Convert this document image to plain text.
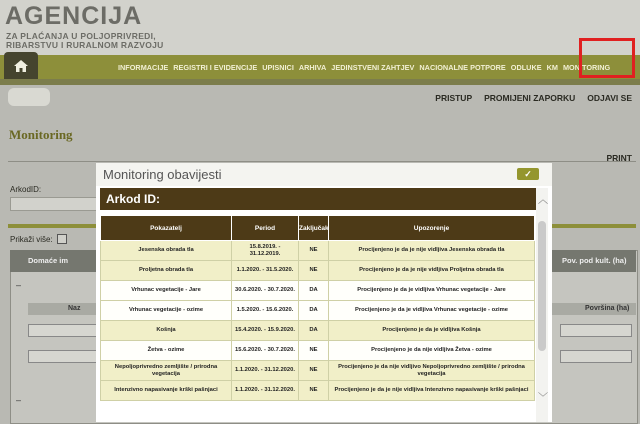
AGENCIJA
ZA PLAĆANJA U POLJOPRIVREDI,
RIBARSTVU I RURALNOM RAZVOJU
INFORMACIJE REGISTRI I EVIDENCIJE UPISNICI ARHIVA JEDINSTVENI ZAHTJEV NACIONALNE POTPORE ODLUKE KM MONITORING
PRISTUP PROMIJENI ZAPORKU ODJAVI SE
Monitoring
PRINT
ArkodID:
Prikaži više:
Domaće im	Pov. pod kult. (ha)
–
Naz	Površina (ha)
–
Monitoring obavijesti	✓
Arkod ID:	︿
﹀
Pokazatelj	Period	Zaključak	Upozorenje
Jesenska obrada tla	15.8.2019. - 31.12.2019.	NE	Procijenjeno je da je nije vidljiva Jesenska obrada tla
Proljetna obrada tla	1.1.2020. - 31.5.2020.	NE	Procijenjeno je da je nije vidljiva Proljetna obrada tla
Vrhunac vegetacije - Jare	30.6.2020. - 30.7.2020.	DA	Procijenjeno je da je vidljiva Vrhunac vegetacije - Jare
Vrhunac vegetacije - ozime	1.5.2020. - 15.6.2020.	DA	Procijenjeno je da je vidljiva Vrhunac vegetacije - ozime
Košnja	15.4.2020. - 15.9.2020.	DA	Procijenjeno je da je vidljiva Košnja
Žetva - ozime	15.6.2020. - 30.7.2020.	NE	Procijenjeno je da nije vidljiva Žetva - ozime
Nepoljoprivredno zemljište / prirodna vegetacija	1.1.2020. - 31.12.2020.	NE	Procijenjeno je da nije vidljivo Nepoljoprivredno zemljište / prirodna vegetacija
Intenzivno napasivanje krški pašnjaci	1.1.2020. - 31.12.2020.	NE	Procijenjeno je da je nije vidljiva Intenzivno napasivanje krški pašnjaci
